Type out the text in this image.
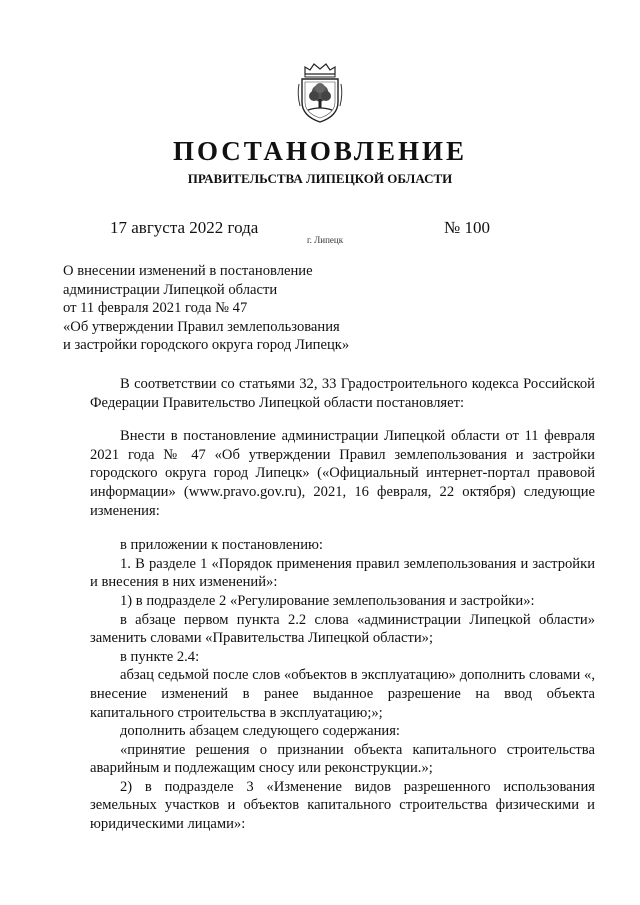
ПОСТАНОВЛЕНИЕ
ПРАВИТЕЛЬСТВА ЛИПЕЦКОЙ ОБЛАСТИ
17 августа 2022 года
г. Липецк
№ 100
О внесении изменений в постановление
администрации Липецкой области
от 11 февраля 2021 года № 47
«Об утверждении Правил землепользования
и застройки городского округа город Липецк»

В соответствии со статьями 32, 33 Градостроительного кодекса Российской Федерации Правительство Липецкой области постановляет:

Внести в постановление администрации Липецкой области от 11 февраля 2021 года № 47 «Об утверждении Правил землепользования и застройки городского округа город Липецк» («Официальный интернет-портал правовой информации» (www.pravo.gov.ru), 2021, 16 февраля, 22 октября) следующие изменения:

в приложении к постановлению:

1. В разделе 1 «Порядок применения правил землепользования и застройки и внесения в них изменений»:

1) в подразделе 2 «Регулирование землепользования и застройки»:

в абзаце первом пункта 2.2 слова «администрации Липецкой области» заменить словами «Правительства Липецкой области»;

в пункте 2.4:

абзац седьмой после слов «объектов в эксплуатацию» дополнить словами «, внесение изменений в ранее выданное разрешение на ввод объекта капитального строительства в эксплуатацию;»;

дополнить абзацем следующего содержания:

«принятие решения о признании объекта капитального строительства аварийным и подлежащим сносу или реконструкции.»;

2) в подразделе 3 «Изменение видов разрешенного использования земельных участков и объектов капитального строительства физическими и юридическими лицами»:
